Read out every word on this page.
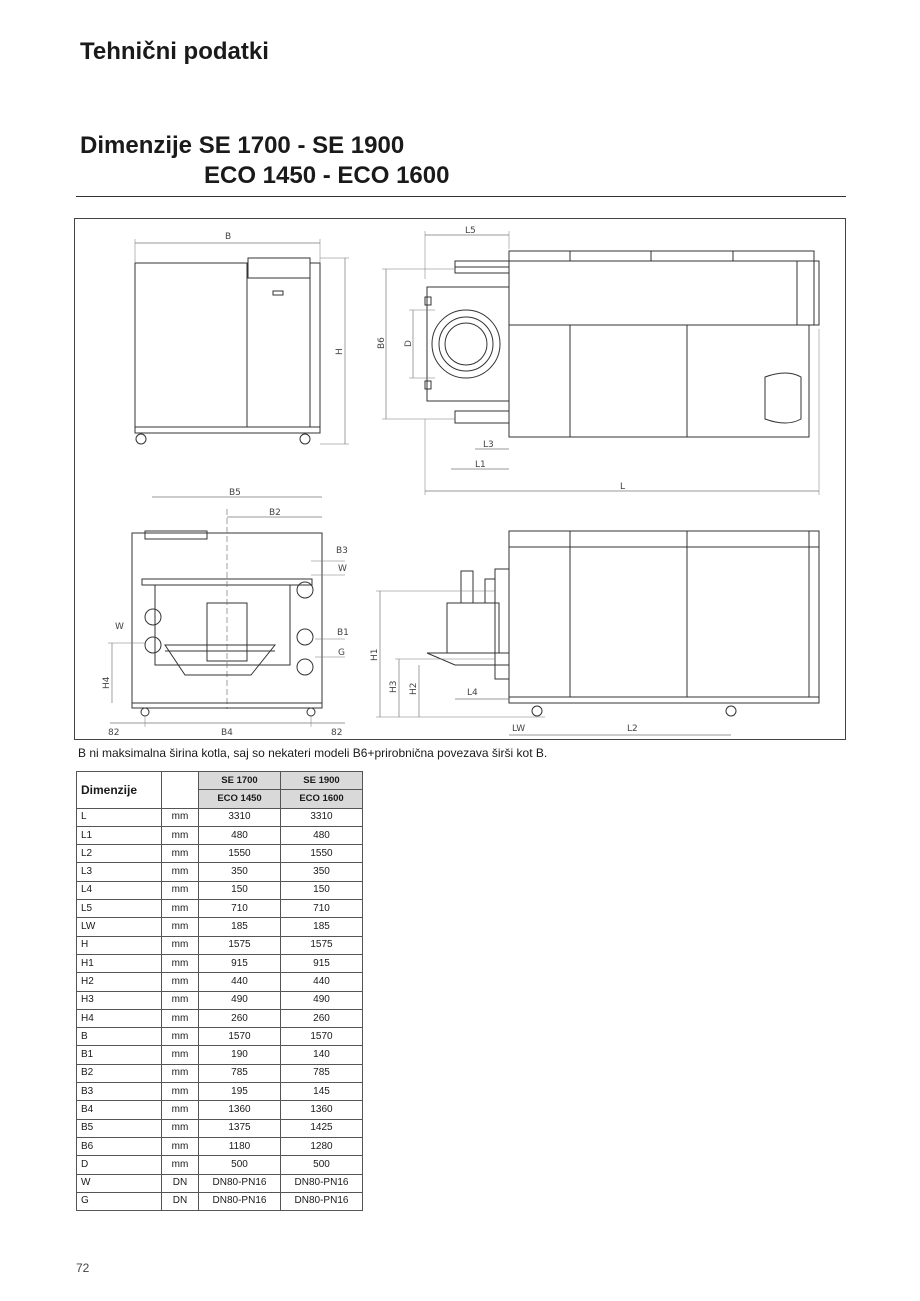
Tehnični podatki
Dimenzije SE 1700 - SE 1900
ECO 1450 - ECO 1600
B
H
L5
B6 D
L3
L1
L
B5
B2
B3
W
W
B1
G
H4
82	B4	82
H1
H2
H3	L4
LW	L2
B ni maksimalna širina kotla, saj so nekateri modeli B6+prirobnična povezava širši kot B.
Dimenzije		SE 1700	SE 1900
		ECO 1450	ECO 1600
L	mm	3310	3310
L1	mm	480	480
L2	mm	1550	1550
L3	mm	350	350
L4	mm	150	150
L5	mm	710	710
LW	mm	185	185
H	mm	1575	1575
H1	mm	915	915
H2	mm	440	440
H3	mm	490	490
H4	mm	260	260
B	mm	1570	1570
B1	mm	190	140
B2	mm	785	785
B3	mm	195	145
B4	mm	1360	1360
B5	mm	1375	1425
B6	mm	1180	1280
D	mm	500	500
W	DN	DN80-PN16	DN80-PN16
G	DN	DN80-PN16	DN80-PN16
72
